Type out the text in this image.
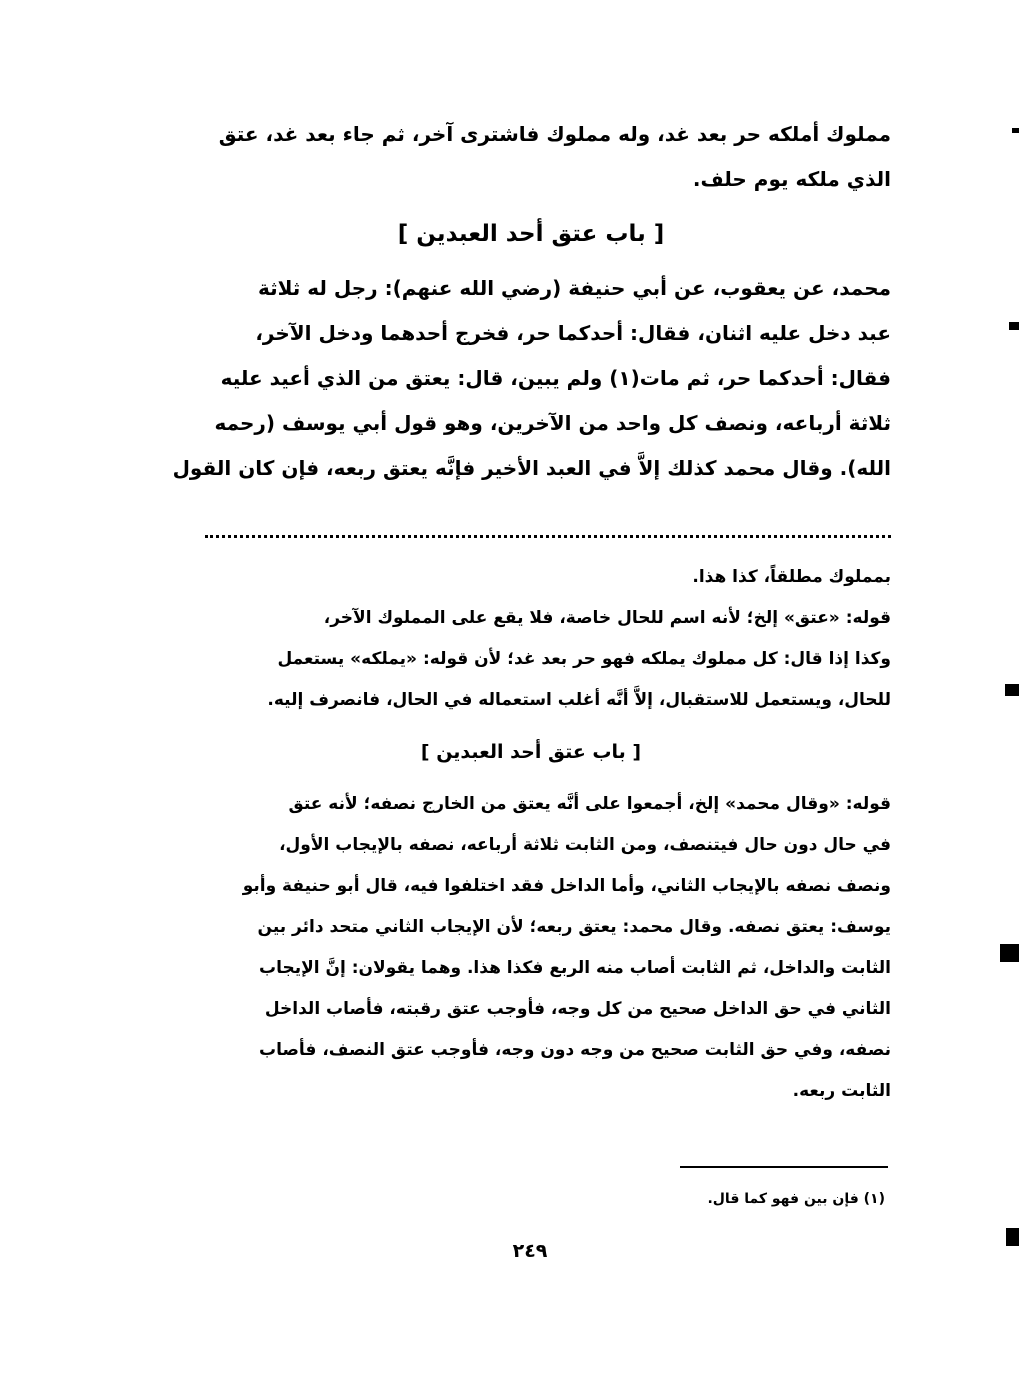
مملوك أملكه حر بعد غد، وله مملوك فاشترى آخر، ثم جاء بعد غد، عتق
الذي ملكه يوم حلف.
[ باب عتق أحد العبدين ]
محمد، عن يعقوب، عن أبي حنيفة (رضي الله عنهم): رجل له ثلاثة
عبد دخل عليه اثنان، فقال: أحدكما حر، فخرج أحدهما ودخل الآخر،
فقال: أحدكما حر، ثم مات(١) ولم يبين، قال: يعتق من الذي أعيد عليه
ثلاثة أرباعه، ونصف كل واحد من الآخرين، وهو قول أبي يوسف (رحمه
الله). وقال محمد كذلك إلاَّ في العبد الأخير فإنَّه يعتق ربعه، فإن كان القول
بمملوك مطلقاً، كذا هذا.
قوله: «عتق» إلخ؛ لأنه اسم للحال خاصة، فلا يقع على المملوك الآخر،
وكذا إذا قال: كل مملوك يملكه فهو حر بعد غد؛ لأن قوله: «يملكه» يستعمل
للحال، ويستعمل للاستقبال، إلاَّ أنَّه أغلب استعماله في الحال، فانصرف إليه.
[ باب عتق أحد العبدين ]
قوله: «وقال محمد» إلخ، أجمعوا على أنَّه يعتق من الخارج نصفه؛ لأنه عتق
في حال دون حال فيتنصف، ومن الثابت ثلاثة أرباعه، نصفه بالإيجاب الأول،
ونصف نصفه بالإيجاب الثاني، وأما الداخل فقد اختلفوا فيه، قال أبو حنيفة وأبو
يوسف: يعتق نصفه. وقال محمد: يعتق ربعه؛ لأن الإيجاب الثاني متحد دائر بين
الثابت والداخل، ثم الثابت أصاب منه الربع فكذا هذا. وهما يقولان: إنَّ الإيجاب
الثاني في حق الداخل صحيح من كل وجه، فأوجب عتق رقبته، فأصاب الداخل
نصفه، وفي حق الثابت صحيح من وجه دون وجه، فأوجب عتق النصف، فأصاب
الثابت ربعه.
(١) فإن بين فهو كما قال.
٢٤٩
